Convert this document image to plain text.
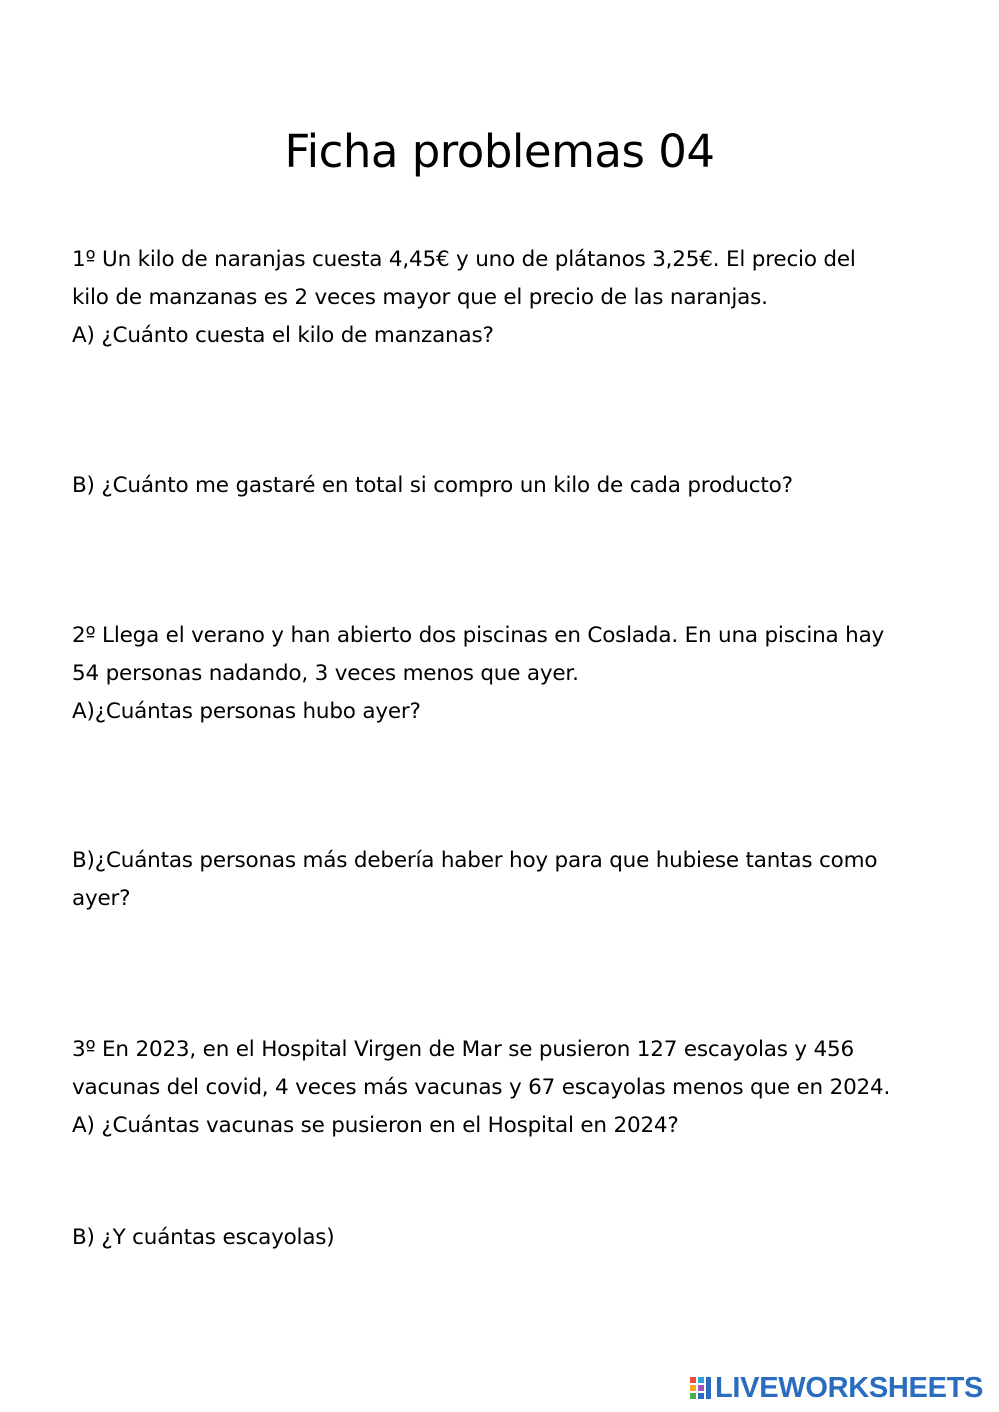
Ficha problemas 04

1º Un kilo de naranjas cuesta 4,45€ y uno de plátanos 3,25€. El precio del

kilo de manzanas es 2 veces mayor que el precio de las naranjas.

A) ¿Cuánto cuesta el kilo de manzanas?

B) ¿Cuánto me gastaré en total si compro un kilo de cada producto?

2º Llega el verano y han abierto dos piscinas en Coslada. En una piscina hay

54 personas nadando, 3 veces menos que ayer.

A)¿Cuántas personas hubo ayer?

B)¿Cuántas personas más debería haber hoy para que hubiese tantas como

ayer?

3º En 2023, en el Hospital Virgen de Mar se pusieron 127 escayolas y 456

vacunas del covid, 4 veces más vacunas y 67 escayolas menos que en 2024.

A) ¿Cuántas vacunas se pusieron en el Hospital en 2024?

B) ¿Y cuántas escayolas)

LIVEWORKSHEETS
